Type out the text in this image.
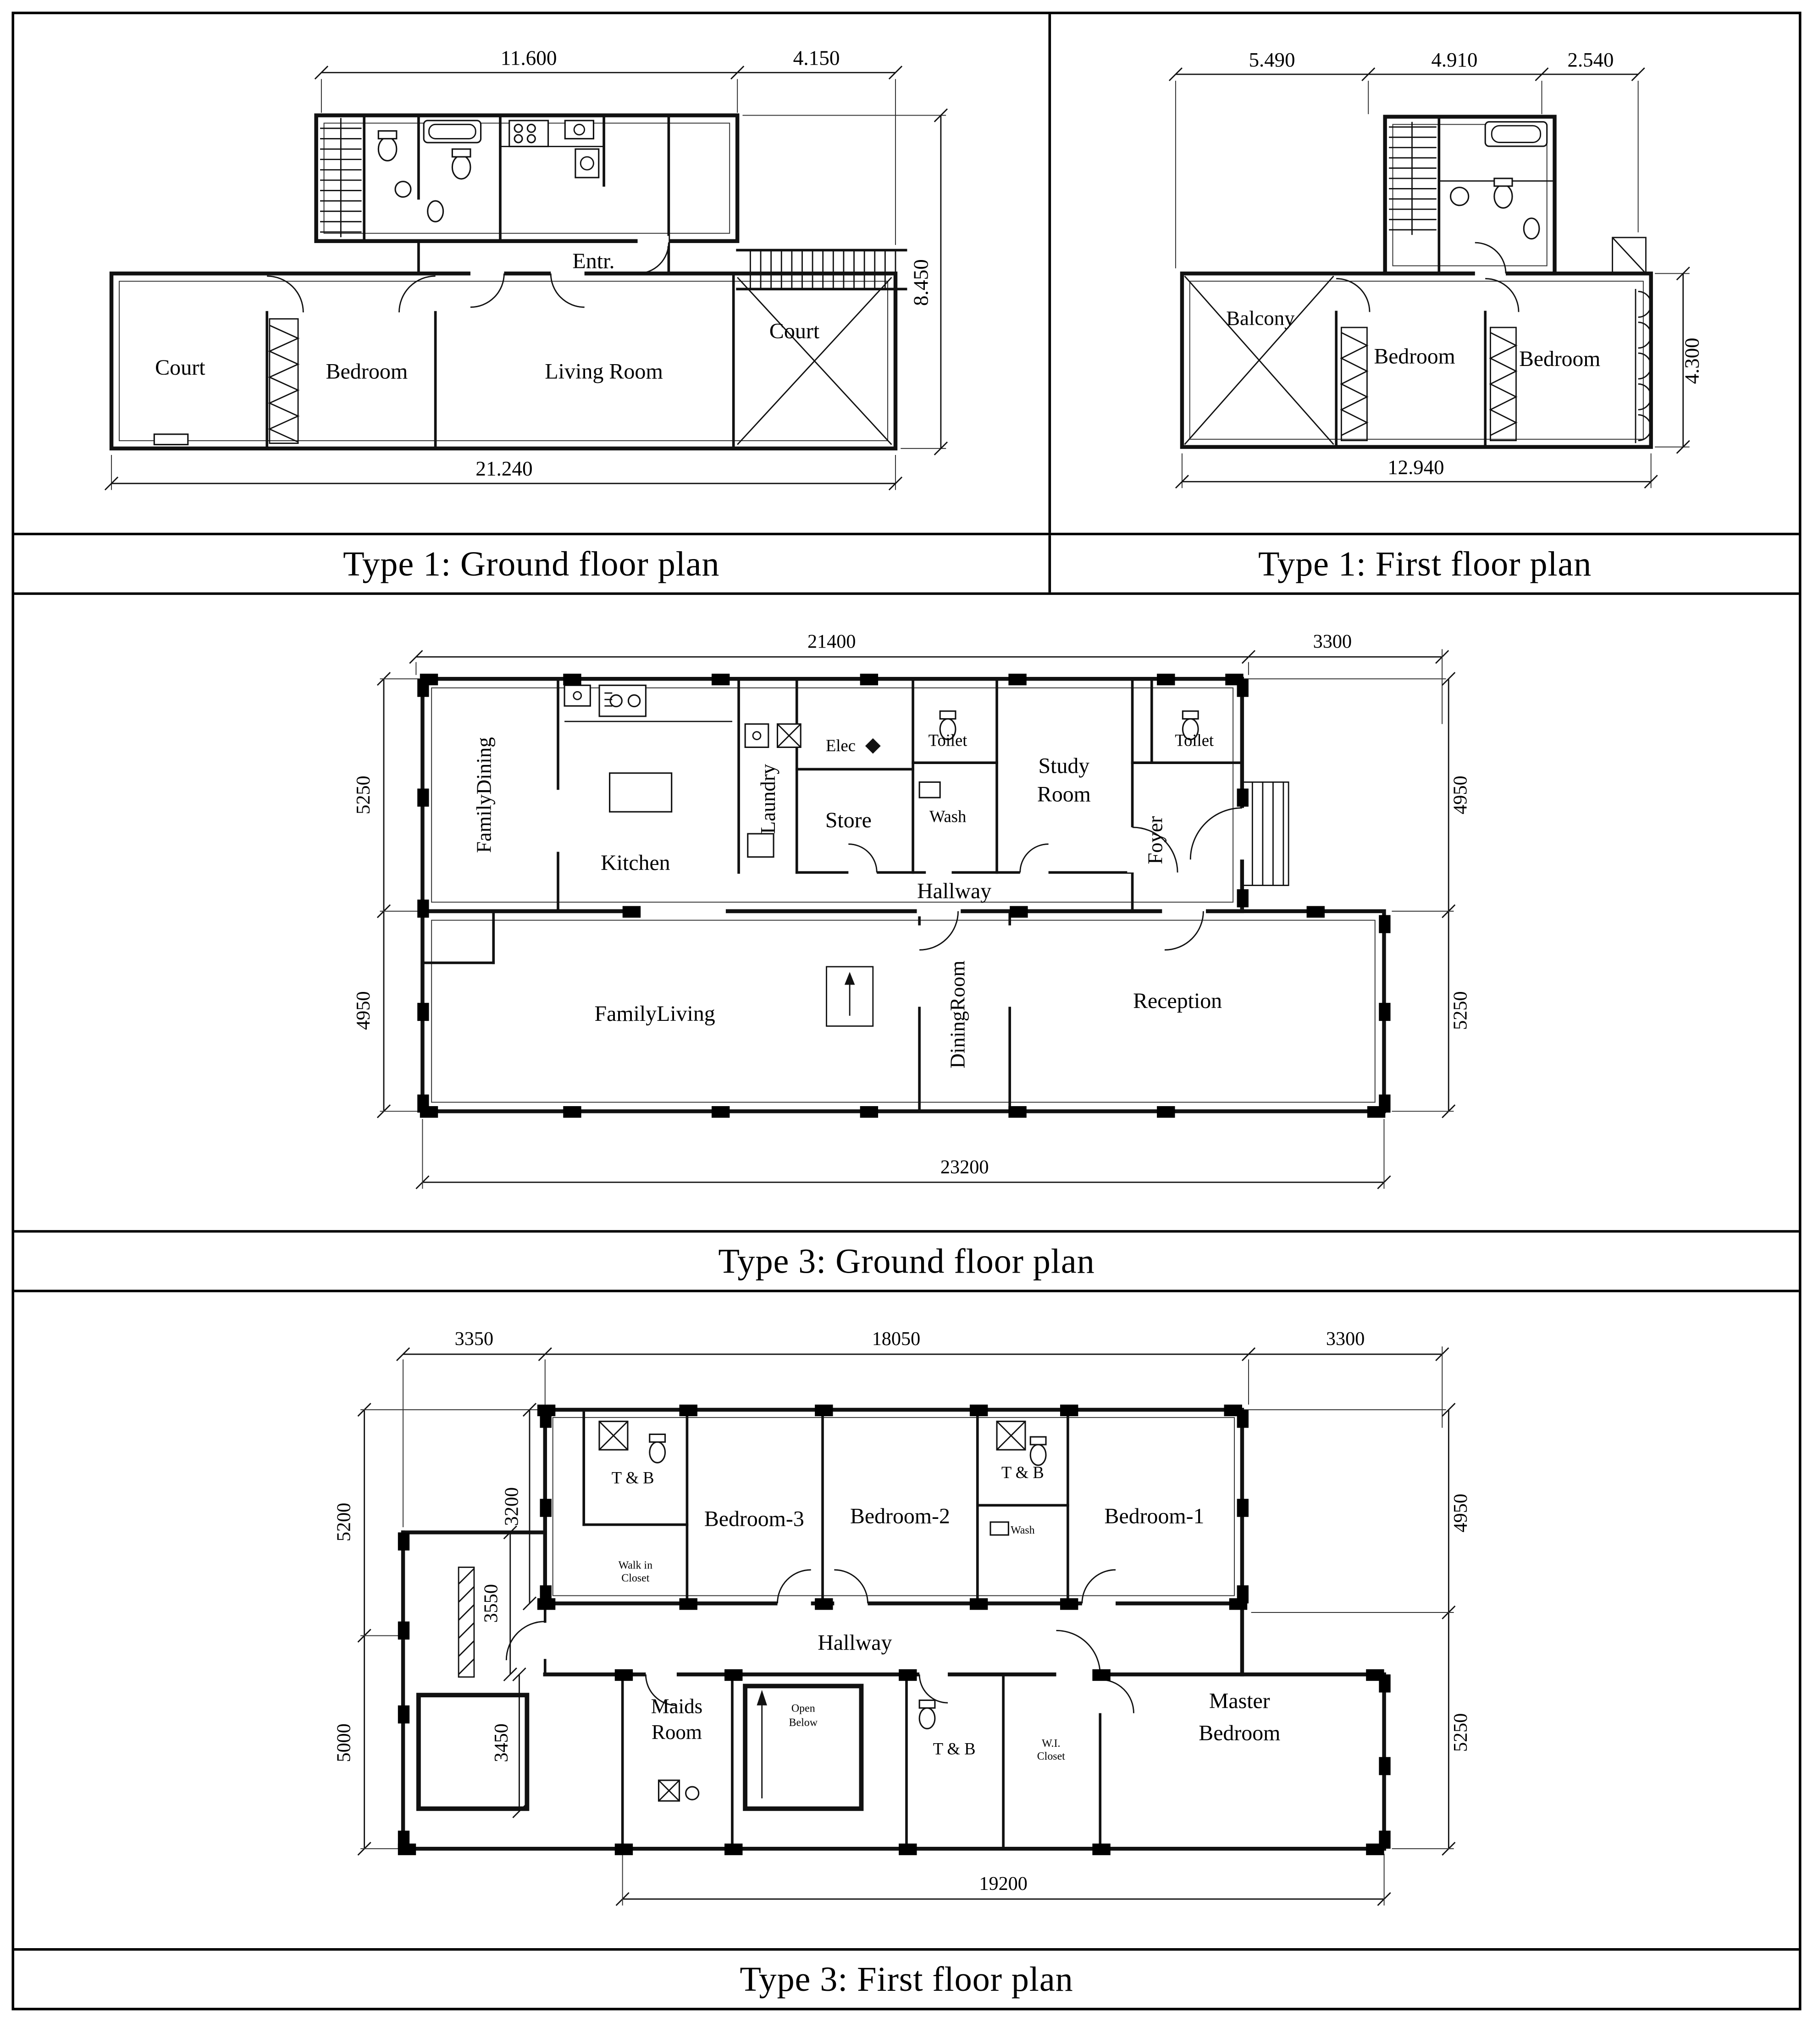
11.600	4.150
8.450
21.240
Entr.
Court	Bedroom	Living Room
Court
5.490	4.910	2.540
4.300
12.940
Balcony
Bedroom	Bedroom
Type 1: Ground floor plan	Type 1: First floor plan
21400	3300
5250
4950
4950
5250
23200
FamilyDining
Kitchen
Laundry	Store
Elec	Toilet
Wash
Study
Room
Toilet
Foyer
Hallway
FamilyLiving	DiningRoom	Reception
Type 3: Ground floor plan
3350	18050	3300
5200
5000
3200
3550
3450
4950
5250
19200
T & B
Bedroom-3	Bedroom-2
T & B
Bedroom-1
Walk in
Closet
Wash
Hallway
Maids
Room
Open
Below
T & B	W.I.
Closet
Master
Bedroom
Type 3: First floor plan
